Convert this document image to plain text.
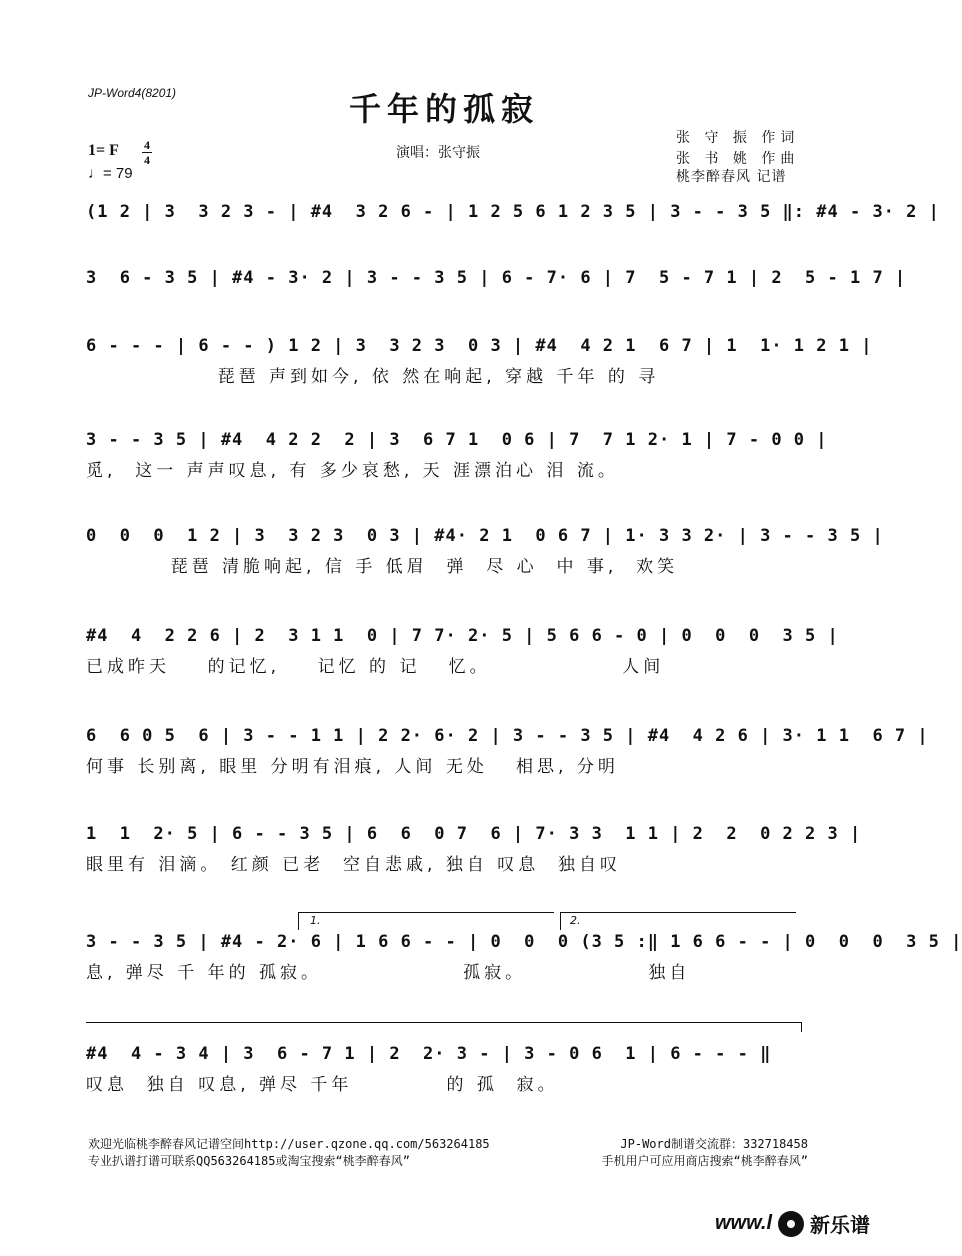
JP-Word4(8201)	千年的孤寂
1= F 4
4
♩= 79
演唱：张守振
张 守 振 作词
张 书 姚 作曲
桃李醉春风 记谱
(1 2 | 3  3 2 3 - | #4  3 2 6 - | 1 2 5 6 1 2 3 5 | 3 - - 3 5 ‖: #4 - 3· 2 |
3  6 - 3 5 | #4 - 3· 2 | 3 - - 3 5 | 6 - 7· 6 | 7  5 - 7 1 | 2  5 - 1 7 |
6 - - - | 6 - - ) 1 2 | 3  3 2 3  0 3 | #4  4 2 1  6 7 | 1  1· 1 2 1 |
琵琶 声到如今, 依 然在响起, 穿越 千年 的 寻
3 - - 3 5 | #4  4 2 2  2 | 3  6 7 1  0 6 | 7  7 1 2· 1 | 7 - 0 0 |
觅,  这一 声声叹息, 有 多少哀愁, 天 涯漂泊心 泪 流。
0  0  0  1 2 | 3  3 2 3  0 3 | #4· 2 1  0 6 7 | 1· 3 3 2· | 3 - - 3 5 |
琵琶 清脆响起, 信 手 低眉  弹  尽 心  中 事,  欢笑
#4  4  2 2 6 | 2  3 1 1  0 | 7 7· 2· 5 | 5 6 6 - 0 | 0  0  0  3 5 |
已成昨天    的记忆,    记忆 的 记   忆。              人间
6  6 0 5  6 | 3 - - 1 1 | 2 2· 6· 2 | 3 - - 3 5 | #4  4 2 6 | 3· 1 1  6 7 |
何事 长别离, 眼里 分明有泪痕, 人间 无处   相思, 分明
1  1  2· 5 | 6 - - 3 5 | 6  6  0 7  6 | 7· 3 3  1 1 | 2  2  0 2 2 3 |
眼里有 泪滴。 红颜 已老  空自悲戚, 独自 叹息  独自叹
1.	2.
3 - - 3 5 | #4 - 2· 6 | 1 6 6 - - | 0  0  0 (3 5 :‖ 1 6 6 - - | 0  0  0  3 5 |
息, 弹尽 千 年的 孤寂。               孤寂。             独自
#4  4 - 3 4 | 3  6 - 7 1 | 2  2· 3 - | 3 - 0 6  1 | 6 - - - ‖
叹息  独自 叹息, 弹尽 千年          的 孤  寂。
欢迎光临桃李醉春风记谱空间http://user.qzone.qq.com/563264185	JP-Word制谱交流群：332718458
专业扒谱打谱可联系QQ563264185或淘宝搜索“桃李醉春风”	手机用户可应用商店搜索“桃李醉春风”
www.l 新乐谱
